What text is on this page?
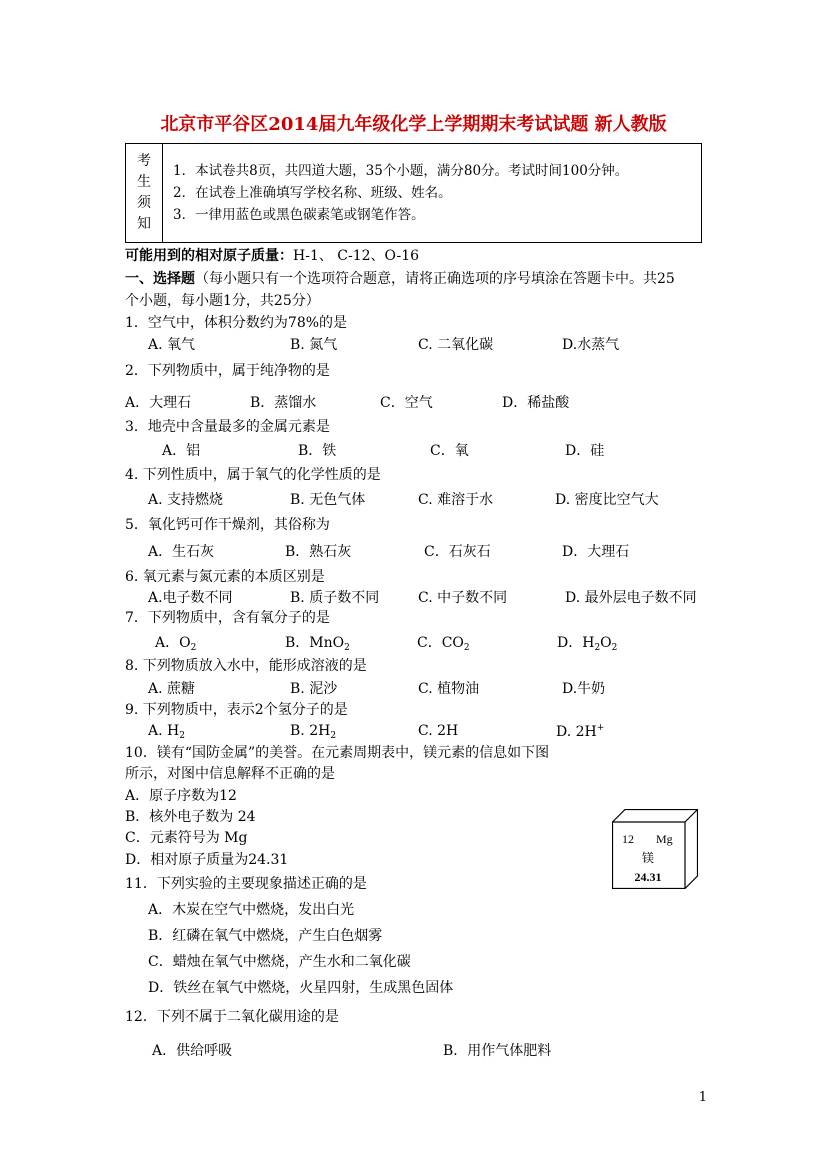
北京市平谷区2014届九年级化学上学期期末考试试题 新人教版
考
生
须
知
1．本试卷共8页，共四道大题，35个小题，满分80分。考试时间100分钟。
2．在试卷上准确填写学校名称、班级、姓名。
3．一律用蓝色或黑色碳素笔或钢笔作答。
可能用到的相对原子质量：H-1、 C-12、O-16
一、选择题（每小题只有一个选项符合题意，请将正确选项的序号填涂在答题卡中。共25
个小题，每小题1分，共25分）
1．空气中，体积分数约为78%的是
A. 氧气	B. 氮气	C. 二氧化碳	D.水蒸气
2．下列物质中，属于纯净物的是
A．大理石	B．蒸馏水	C．空气	D．稀盐酸
3．地壳中含量最多的金属元素是
A．铝	B．铁	C．氧	D．硅
4. 下列性质中，属于氧气的化学性质的是
A. 支持燃烧	B. 无色气体	C. 难溶于水	D. 密度比空气大
5．氧化钙可作干燥剂，其俗称为
A．生石灰	B．熟石灰	C．石灰石	D．大理石
6. 氧元素与氮元素的本质区别是
A.电子数不同	B. 质子数不同	C. 中子数不同	D. 最外层电子数不同
7．下列物质中，含有氧分子的是
A．$O_2$	B．MnO$_2$	C．$CO_2$	D．$H_2O_2$
8. 下列物质放入水中，能形成溶液的是
A. 蔗糖	B. 泥沙	C. 植物油	D.牛奶
9. 下列物质中，表示2个氢分子的是
A. $H_2$	B. $2H_2$	C. 2H	D. 2H+
10．镁有“国防金属”的美誉。在元素周期表中，镁元素的信息如下图
所示，对图中信息解释不正确的是
A．原子序数为12
B．核外电子数为 24
C．元素符号为 Mg
D．相对原子质量为24.31
12 Mg
镁
24.31
11．下列实验的主要现象描述正确的是
A．木炭在空气中燃烧，发出白光
B．红磷在氧气中燃烧，产生白色烟雾
C．蜡烛在氧气中燃烧，产生水和二氧化碳
D．铁丝在氧气中燃烧，火星四射，生成黑色固体
12．下列不属于二氧化碳用途的是
A．供给呼吸	B．用作气体肥料
1
